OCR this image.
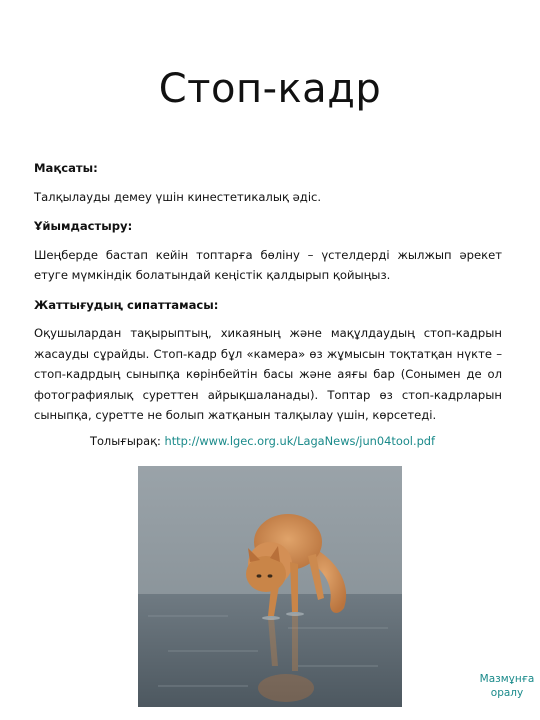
Стоп-кадр

Мақсаты:

Талқылауды демеу үшін кинестетикалық әдіс.

Ұйымдастыру:

Шеңберде бастап кейін топтарға бөліну – үстелдерді жылжып әрекет етуге мүмкіндік болатындай кеңістік қалдырып қойыңыз.

Жаттығудың сипаттамасы:

Оқушылардан тақырыптың, хикаяның және мақұлдаудың стоп-кадрын жасауды сұрайды. Стоп-кадр бұл «камера» өз жұмысын тоқтатқан нүкте – стоп-кадрдың сыныпқа көрінбейтін басы және аяғы бар (Сонымен де ол фотографиялық суреттен айрықшаланады). Топтар өз стоп-кадрларын сыныпқа, суретте не болып жатқанын талқылау үшін, көрсетеді.

Толығырақ: http://www.lgec.org.uk/LagaNews/jun04tool.pdf
Мазмұнға оралу
